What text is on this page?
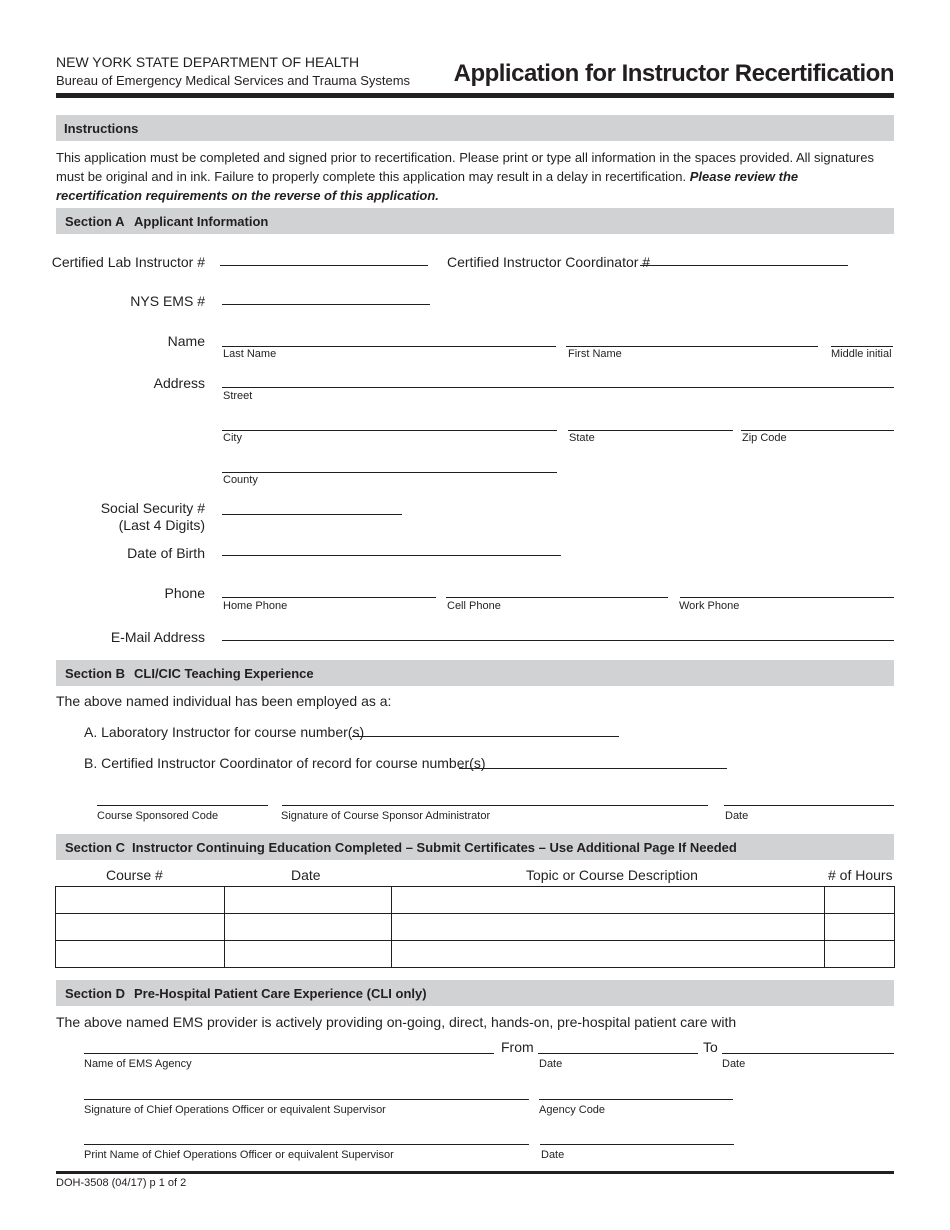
NEW YORK STATE DEPARTMENT OF HEALTH
Bureau of Emergency Medical Services and Trauma Systems Application for Instructor Recertification
Instructions
This application must be completed and signed prior to recertification. Please print or type all information in the spaces provided. All signatures
must be original and in ink. Failure to properly complete this application may result in a delay in recertification. Please review the
recertification requirements on the reverse of this application.
Section A Applicant Information
Certified Lab Instructor #	Certified Instructor Coordinator #
NYS EMS #
Name
Last Name	First Name	Middle initial
Address
Street
City	State	Zip Code
County
Social Security #
(Last 4 Digits)
Date of Birth
Phone
Home Phone	Cell Phone	Work Phone
E-Mail Address
Section B CLI/CIC Teaching Experience
The above named individual has been employed as a:
A. Laboratory Instructor for course number(s)
B. Certified Instructor Coordinator of record for course number(s)
Course Sponsored Code	Signature of Course Sponsor Administrator	Date
Section C Instructor Continuing Education Completed – Submit Certificates – Use Additional Page If Needed
Course #	Date	Topic or Course Description	# of Hours

Section D Pre-Hospital Patient Care Experience (CLI only)
The above named EMS provider is actively providing on-going, direct, hands-on, pre-hospital patient care with
Name of EMS Agency
From
Date
To
Date
Signature of Chief Operations Officer or equivalent Supervisor	Agency Code
Print Name of Chief Operations Officer or equivalent Supervisor	Date
DOH-3508 (04/17) p 1 of 2
